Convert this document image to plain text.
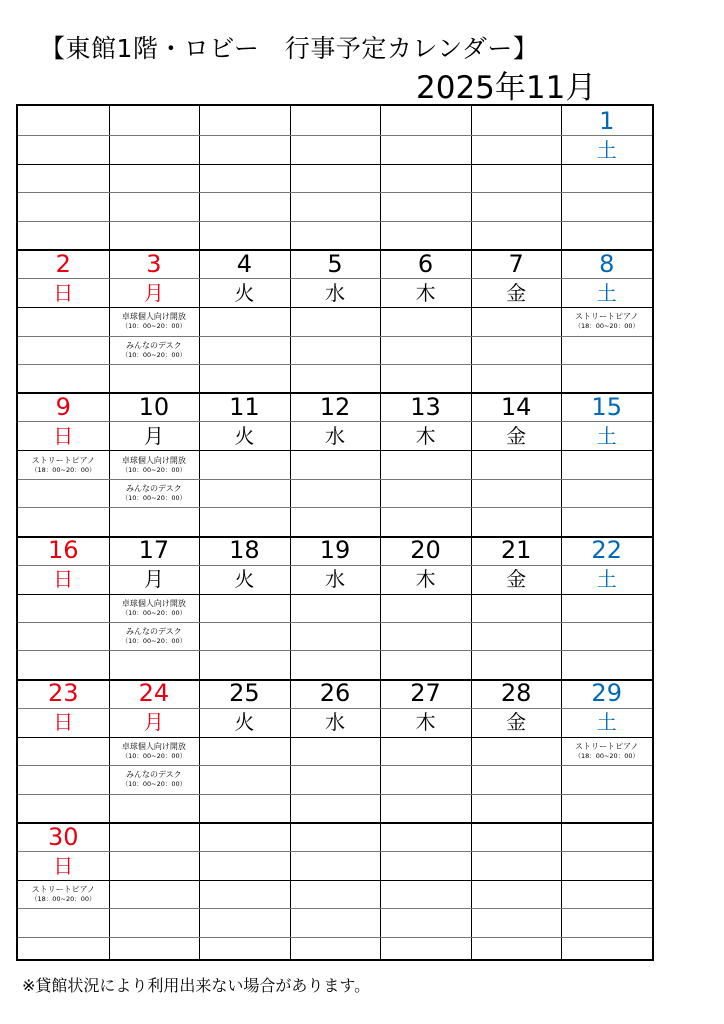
【東館1階・ロビー　行事予定カレンダー】
2025年11月
1
土
2
日
3
月
卓球個人向け開放
（10：00~20：00）
みんなのデスク
（10：00~20：00）
4
火
5
水
6
木
7
金
8
土
ストリートピアノ
（18：00~20：00）
9
日
ストリートピアノ
（18：00~20：00）
10
月
卓球個人向け開放
（10：00~20：00）
みんなのデスク
（10：00~20：00）
11
火
12
水
13
木
14
金
15
土
16
日
17
月
卓球個人向け開放
（10：00~20：00）
みんなのデスク
（10：00~20：00）
18
火
19
水
20
木
21
金
22
土
23
日
24
月
卓球個人向け開放
（10：00~20：00）
みんなのデスク
（10：00~20：00）
25
火
26
水
27
木
28
金
29
土
ストリートピアノ
（18：00~20：00）
30
日
ストリートピアノ
（18：00~20：00）
※貸館状況により利用出来ない場合があります。
